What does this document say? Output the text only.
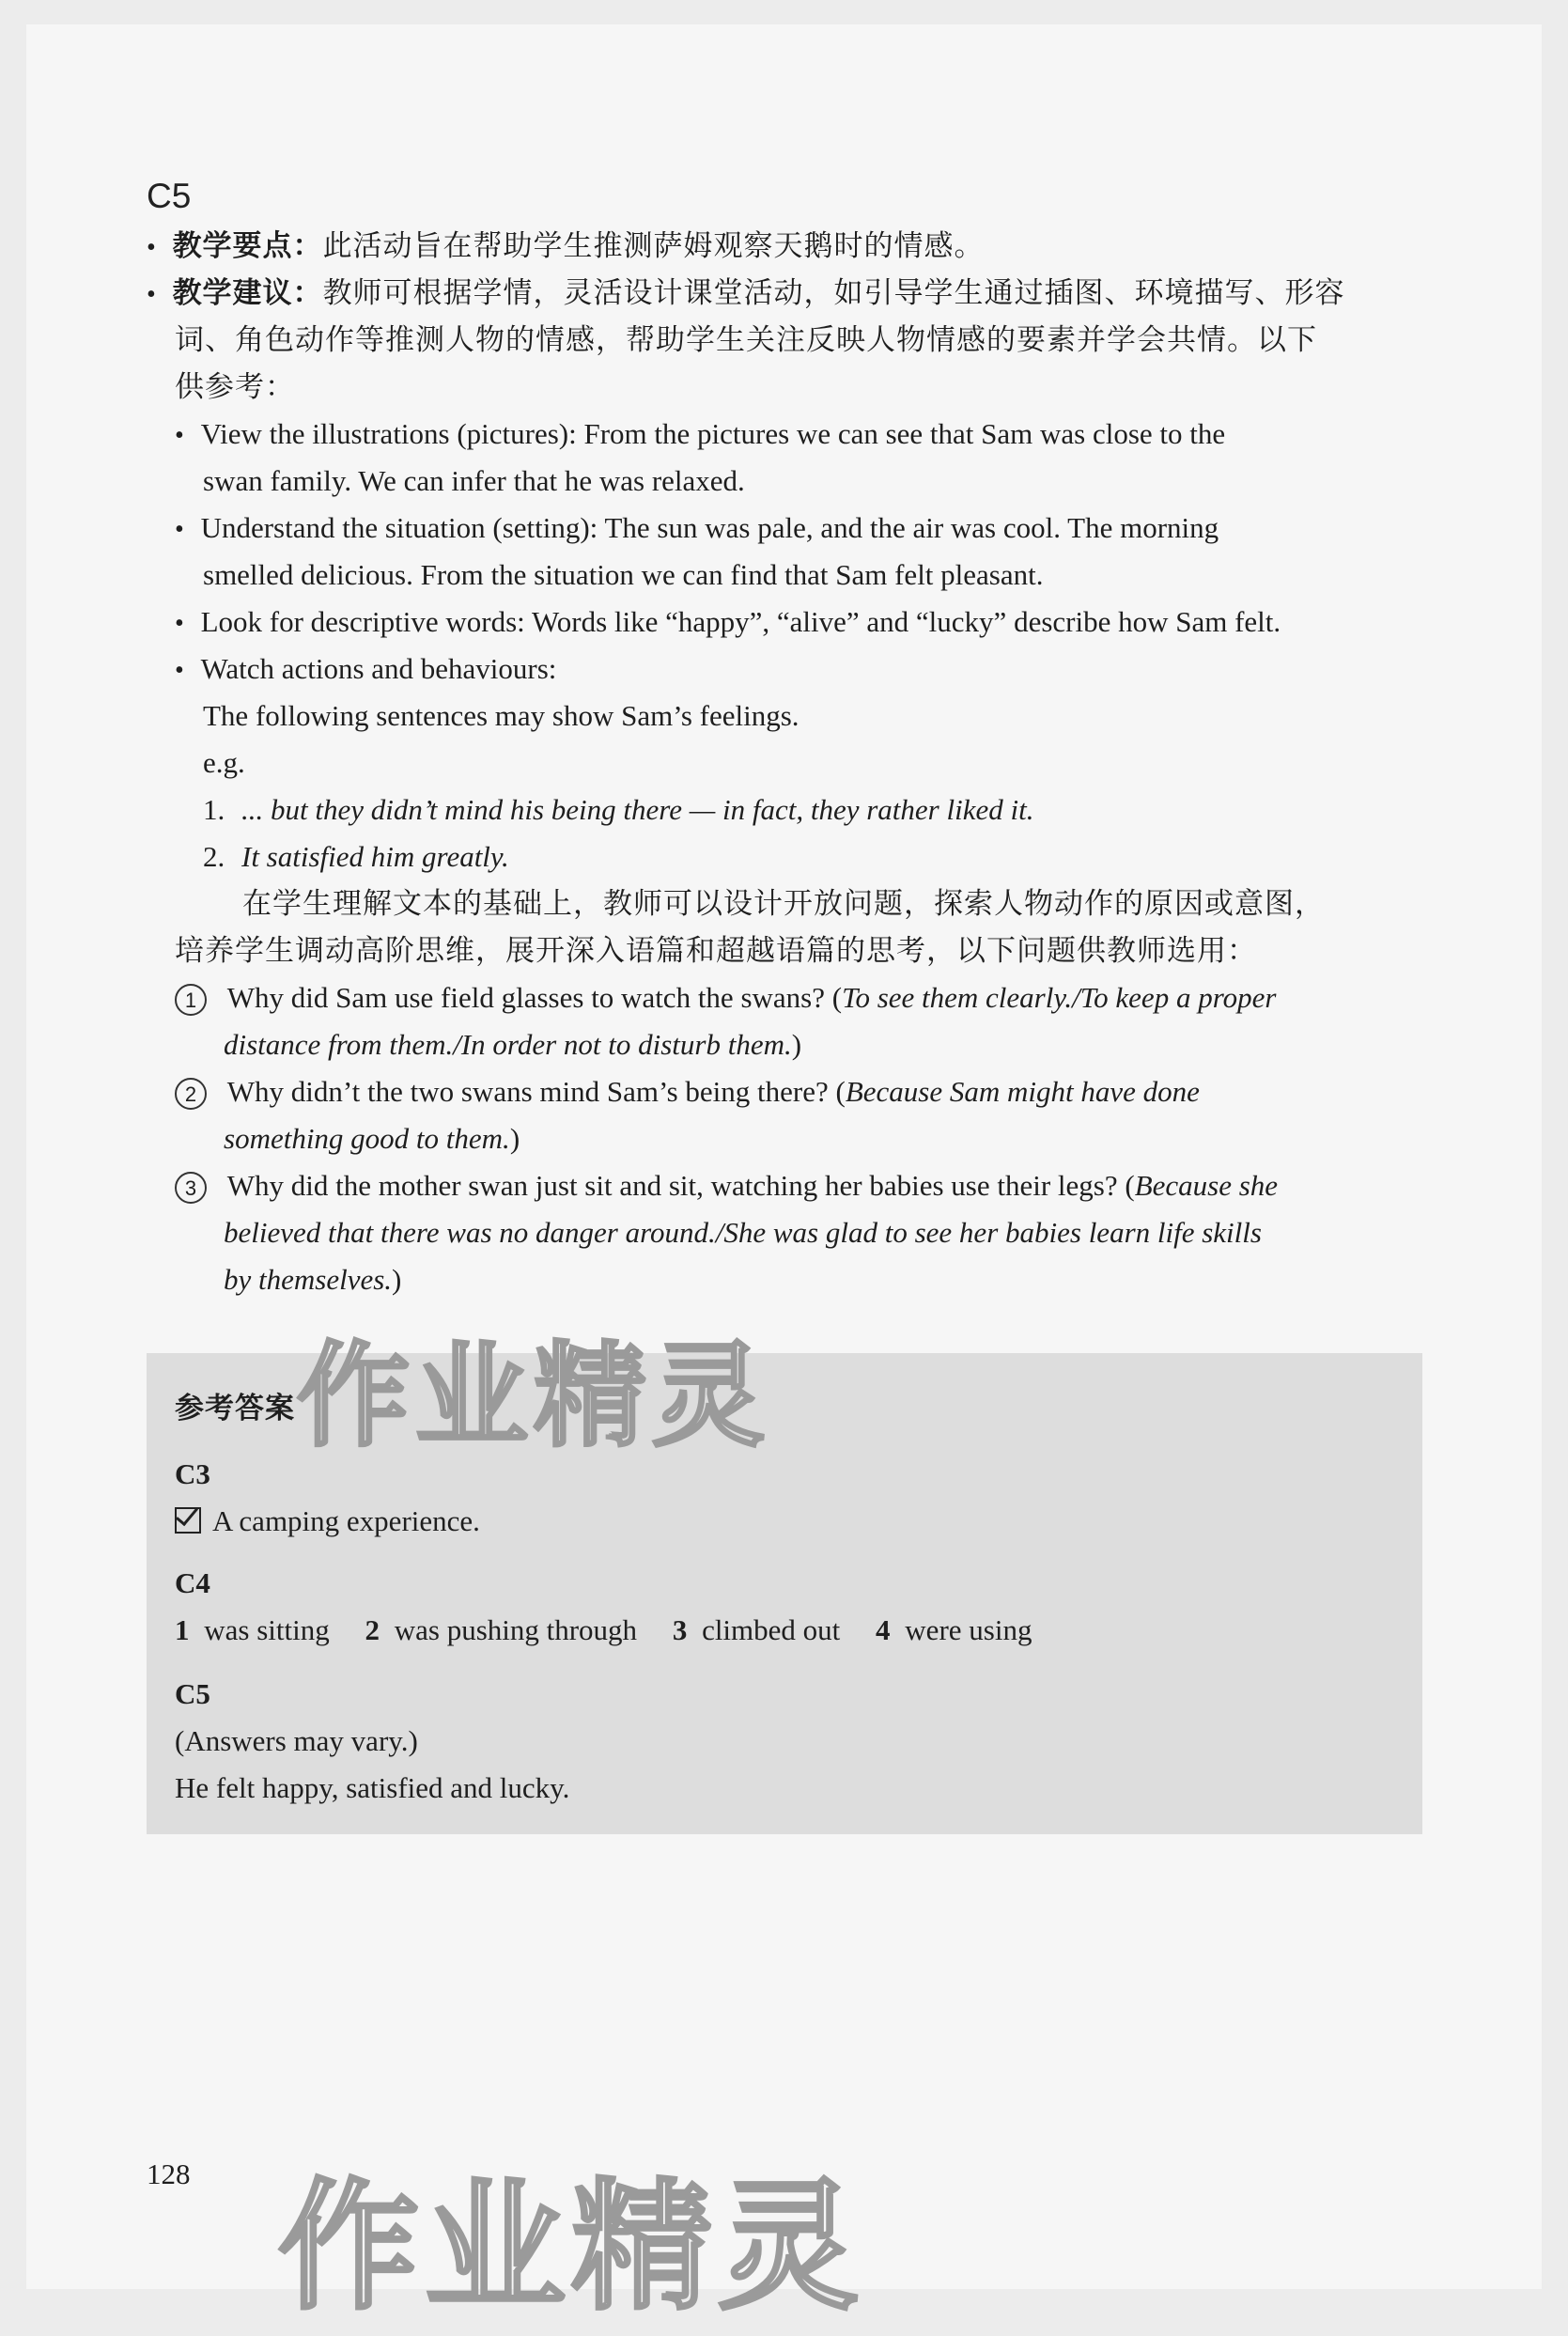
C5
• 教学要点：此活动旨在帮助学生推测萨姆观察天鹅时的情感。
• 教学建议：教师可根据学情，灵活设计课堂活动，如引导学生通过插图、环境描写、形容
词、角色动作等推测人物的情感，帮助学生关注反映人物情感的要素并学会共情。以下
供参考：
• View the illustrations (pictures): From the pictures we can see that Sam was close to the
swan family. We can infer that he was relaxed.
• Understand the situation (setting): The sun was pale, and the air was cool. The morning
smelled delicious. From the situation we can find that Sam felt pleasant.
• Look for descriptive words: Words like “happy”, “alive” and “lucky” describe how Sam felt.
• Watch actions and behaviours:
The following sentences may show Sam’s feelings.
e.g.
1. ... but they didn’t mind his being there — in fact, they rather liked it.
2. It satisfied him greatly.
在学生理解文本的基础上，教师可以设计开放问题，探索人物动作的原因或意图，
培养学生调动高阶思维，展开深入语篇和超越语篇的思考，以下问题供教师选用：
1 Why did Sam use field glasses to watch the swans? (To see them clearly./To keep a proper
distance from them./In order not to disturb them.)
2 Why didn’t the two swans mind Sam’s being there? (Because Sam might have done
something good to them.)
3 Why did the mother swan just sit and sit, watching her babies use their legs? (Because she
believed that there was no danger around./She was glad to see her babies learn life skills
by themselves.)
参考答案
C3
A camping experience.
C4
1 was sitting 2 was pushing through 3 climbed out 4 were using
C5
(Answers may vary.)
He felt happy, satisfied and lucky.
作业精灵
作业精灵
128
